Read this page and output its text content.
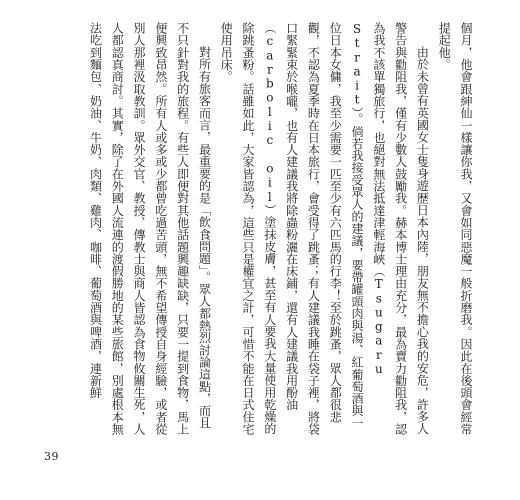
個月，他會跟紳仙一樣讓你我，又會如同惡魔一般折磨我。因此在後頭會經常提起他。

由於未曾有英國女士隻身遊歷日本內陸，朋友無不擔心我的安危，許多人警告與勸阻我，僅有少數人鼓勵我。赫本博士理由充分，最為賣力勸阻我，認為我不該單獨旅行，也絕對無法抵達津輕海峽（Tsugaru Strait）。倘若我接受眾人的建議，要帶罐頭肉與湯、紅葡萄酒與一位日本女傭，我至少需要一匹至少有六匹馬的行李！至於跳蚤，眾人都很悲觀，不認為夏季時在日本旅行，會受得了跳蚤；有人建議我睡在袋子裡，將袋口緊緊束於喉嚨，也有人建議我將除蟲粉灑在床鋪，還有人建議我用酚油（carbolic oil）塗抹皮膚，甚至有人要我大量使用乾燥的除跳蚤粉。話雖如此，大家皆認為，這些只是權宜之計，可惜不能在日式住宅使用吊床。

對所有旅客而言，最重要的是「飲食問題」。眾人都熱烈討論這點，而且不只針對我的旅程。有些人即便對其他話題興趣缺缺，只要一提到食物，馬上便興致昂然。所有人或多或少都曾吃過苦頭，無不希望傳授自身經驗，或者從別人那裡汲取教訓。眾外交官、教授、傳教士與商人皆認為食物攸關生死，人人都認真商討。其實，除了在外國人流連的渡假勝地的某些旅館，別處根本無法吃到麵包、奶油、牛奶、肉類、雞肉、咖啡、葡萄酒與啤酒，連新鮮

39
